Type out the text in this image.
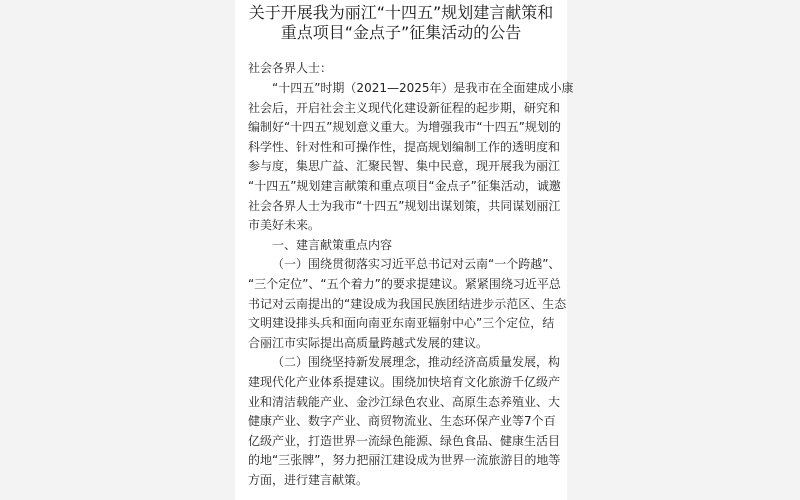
关于开展我为丽江“十四五”规划建言献策和
重点项目“金点子”征集活动的公告
社会各界人士：
“十四五”时期（2021—2025年）是我市在全面建成小康
社会后，开启社会主义现代化建设新征程的起步期，研究和
编制好“十四五”规划意义重大。为增强我市“十四五”规划的
科学性、针对性和可操作性，提高规划编制工作的透明度和
参与度，集思广益、汇聚民智、集中民意，现开展我为丽江
“十四五”规划建言献策和重点项目“金点子”征集活动，诚邀
社会各界人士为我市“十四五”规划出谋划策，共同谋划丽江
市美好未来。
一、建言献策重点内容
（一）围绕贯彻落实习近平总书记对云南“一个跨越”、
“三个定位”、“五个着力”的要求提建议。紧紧围绕习近平总
书记对云南提出的“建设成为我国民族团结进步示范区、生态
文明建设排头兵和面向南亚东南亚辐射中心”三个定位，结
合丽江市实际提出高质量跨越式发展的建议。
（二）围绕坚持新发展理念，推动经济高质量发展，构
建现代化产业体系提建议。围绕加快培育文化旅游千亿级产
业和清洁载能产业、金沙江绿色农业、高原生态养殖业、大
健康产业、数字产业、商贸物流业、生态环保产业等7个百
亿级产业，打造世界一流绿色能源、绿色食品、健康生活目
的地“三张牌”，努力把丽江建设成为世界一流旅游目的地等
方面，进行建言献策。
